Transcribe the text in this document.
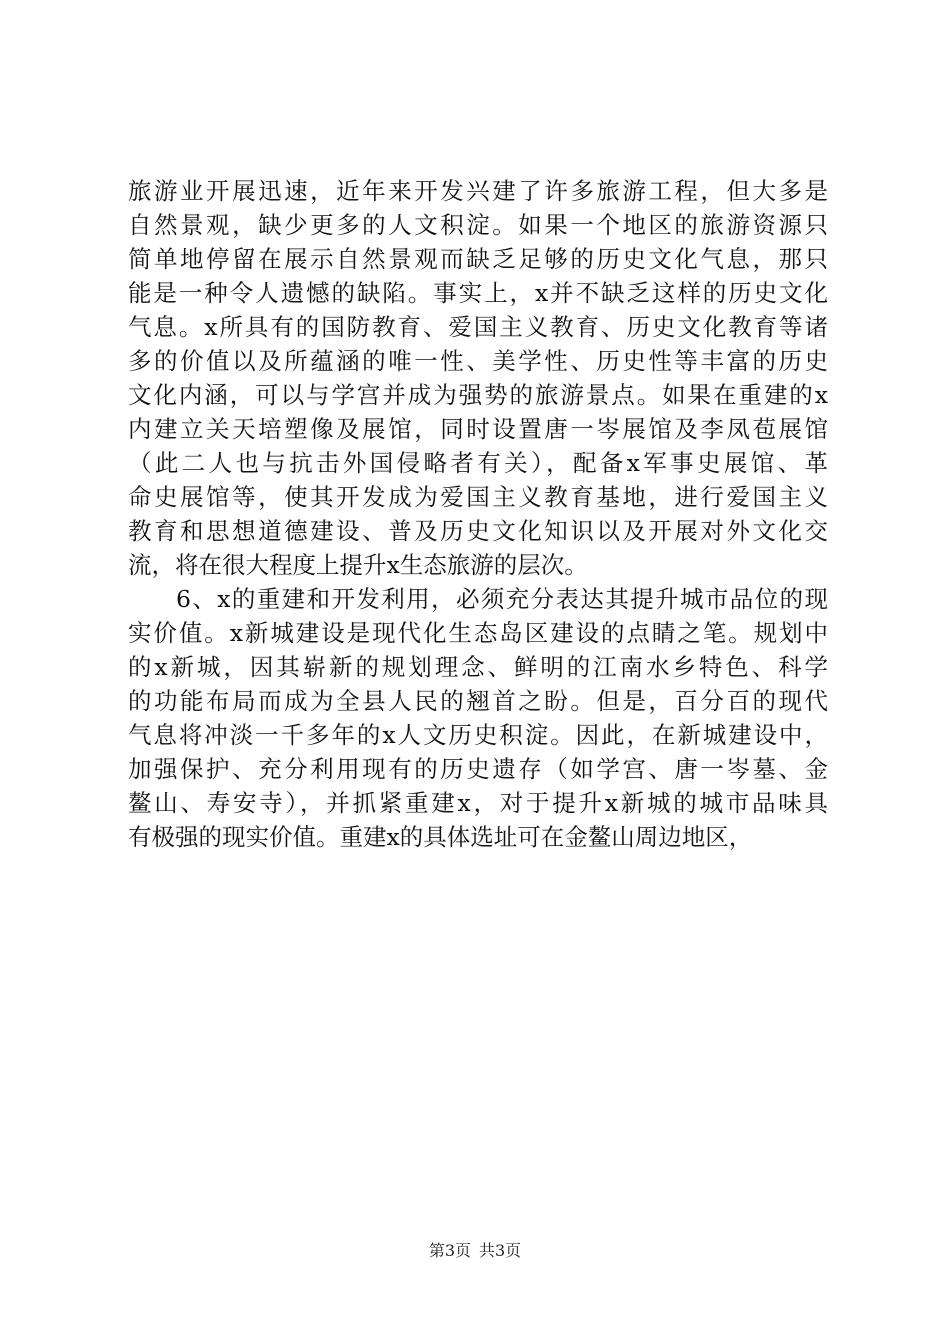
旅游业开展迅速，近年来开发兴建了许多旅游工程，但大多是
自然景观，缺少更多的人文积淀。如果一个地区的旅游资源只
简单地停留在展示自然景观而缺乏足够的历史文化气息，那只
能是一种令人遗憾的缺陷。事实上，x并不缺乏这样的历史文化
气息。x所具有的国防教育、爱国主义教育、历史文化教育等诸
多的价值以及所蕴涵的唯一性、美学性、历史性等丰富的历史
文化内涵，可以与学宫并成为强势的旅游景点。如果在重建的x
内建立关天培塑像及展馆，同时设置唐一岑展馆及李凤苞展馆
（此二人也与抗击外国侵略者有关），配备x军事史展馆、革
命史展馆等，使其开发成为爱国主义教育基地，进行爱国主义
教育和思想道德建设、普及历史文化知识以及开展对外文化交
流，将在很大程度上提升x生态旅游的层次。
6、x的重建和开发利用，必须充分表达其提升城市品位的现
实价值。x新城建设是现代化生态岛区建设的点睛之笔。规划中
的x新城，因其崭新的规划理念、鲜明的江南水乡特色、科学
的功能布局而成为全县人民的翘首之盼。但是，百分百的现代
气息将冲淡一千多年的x人文历史积淀。因此，在新城建设中，
加强保护、充分利用现有的历史遗存（如学宫、唐一岑墓、金
鳌山、寿安寺），并抓紧重建x，对于提升x新城的城市品味具
有极强的现实价值。重建x的具体选址可在金鳌山周边地区，
第3页 共3页
